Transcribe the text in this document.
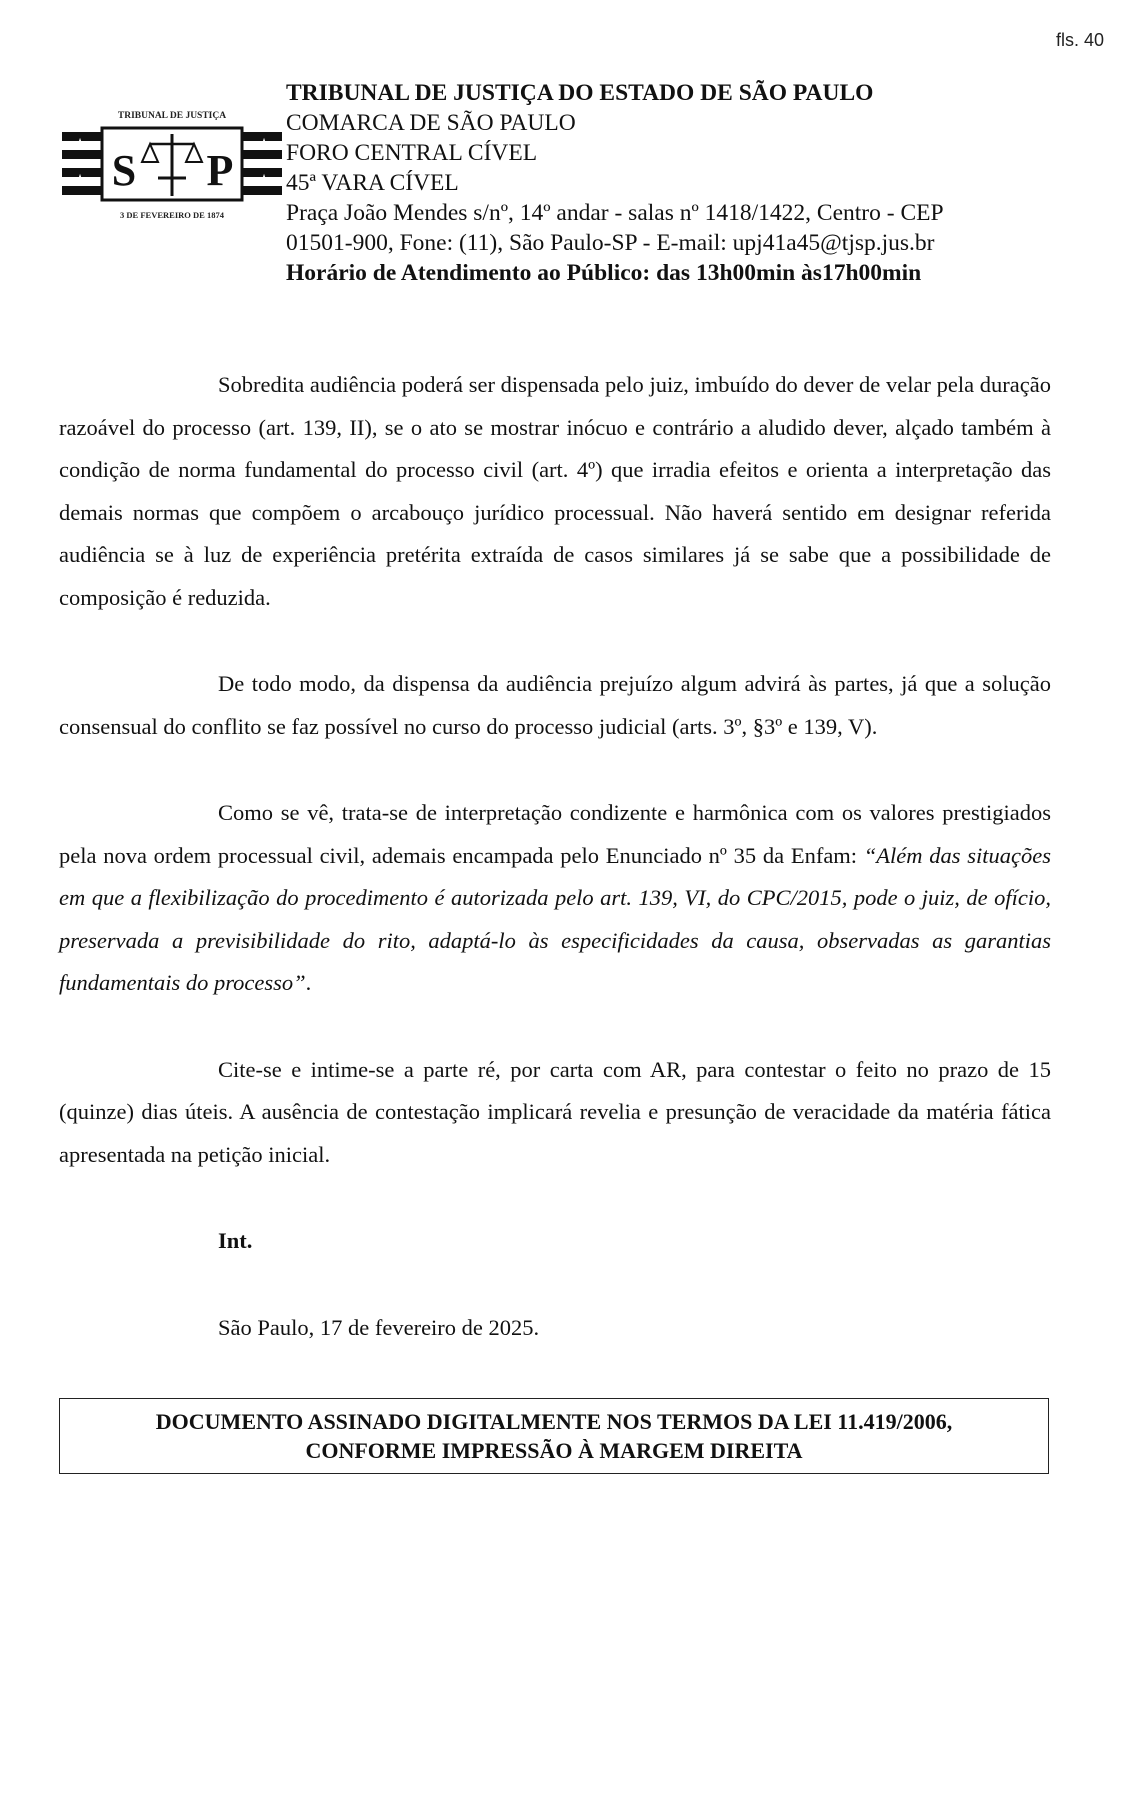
fls. 40
TRIBUNAL DE JUSTIÇA
S P
★	★
★	★
3 DE FEVEREIRO DE 1874
TRIBUNAL DE JUSTIÇA DO ESTADO DE SÃO PAULO
COMARCA DE SÃO PAULO
FORO CENTRAL CÍVEL
45ª VARA CÍVEL
Praça João Mendes s/nº, 14º andar - salas nº 1418/1422, Centro - CEP
01501-900, Fone: (11), São Paulo-SP - E-mail: upj41a45@tjsp.jus.br
Horário de Atendimento ao Público: das 13h00min às17h00min

Sobredita audiência poderá ser dispensada pelo juiz, imbuído do dever de velar pela duração razoável do processo (art. 139, II), se o ato se mostrar inócuo e contrário a aludido dever, alçado também à condição de norma fundamental do processo civil (art. 4º) que irradia efeitos e orienta a interpretação das demais normas que compõem o arcabouço jurídico processual. Não haverá sentido em designar referida audiência se à luz de experiência pretérita extraída de casos similares já se sabe que a possibilidade de composição é reduzida.

De todo modo, da dispensa da audiência prejuízo algum advirá às partes, já que a solução consensual do conflito se faz possível no curso do processo judicial (arts. 3º, §3º e 139, V).

Como se vê, trata-se de interpretação condizente e harmônica com os valores prestigiados pela nova ordem processual civil, ademais encampada pelo Enunciado nº 35 da Enfam: “Além das situações em que a flexibilização do procedimento é autorizada pelo art. 139, VI, do CPC/2015, pode o juiz, de ofício, preservada a previsibilidade do rito, adaptá-lo às especificidades da causa, observadas as garantias fundamentais do processo”.

Cite-se e intime-se a parte ré, por carta com AR, para contestar o feito no prazo de 15 (quinze) dias úteis. A ausência de contestação implicará revelia e presunção de veracidade da matéria fática apresentada na petição inicial.

Int.

São Paulo, 17 de fevereiro de 2025.

DOCUMENTO ASSINADO DIGITALMENTE NOS TERMOS DA LEI 11.419/2006,
CONFORME IMPRESSÃO À MARGEM DIREITA
